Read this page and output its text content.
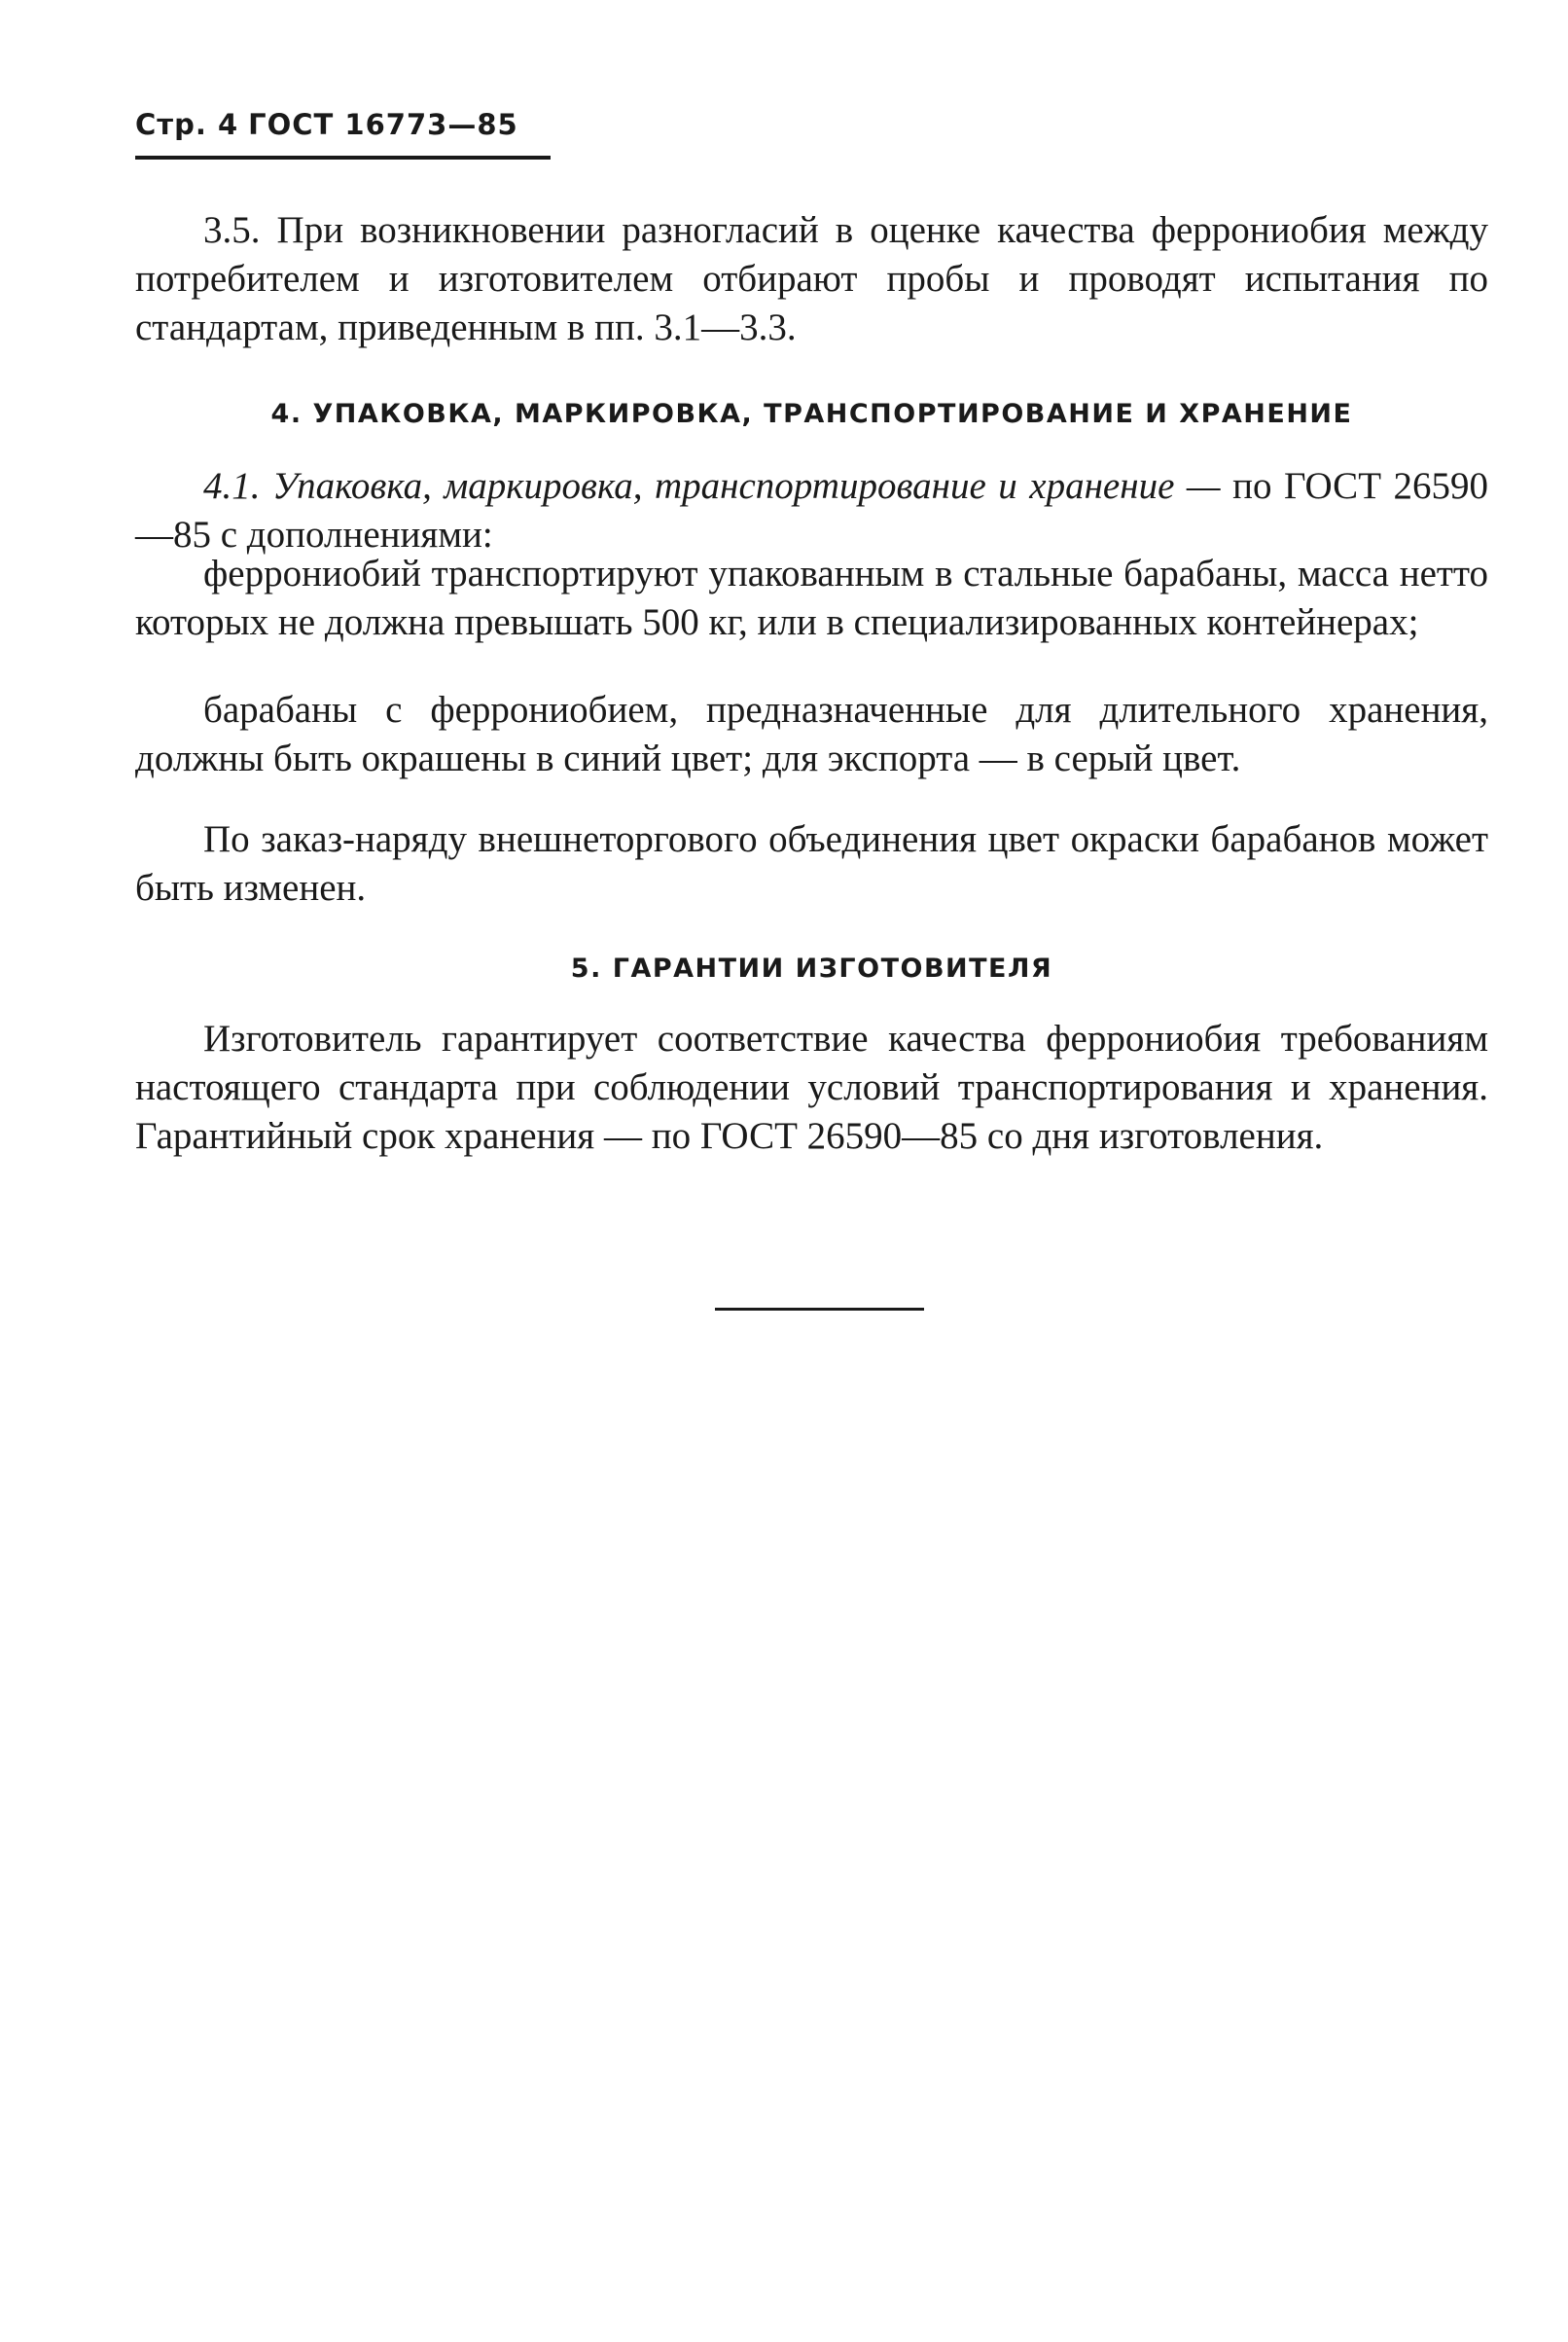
Стр. 4 ГОСТ 16773—85
3.5. При возникновении разногласий в оценке качества феррониобия между потребителем и изготовителем отбирают пробы и проводят испытания по стандартам, приведенным в пп. 3.1—3.3.
4. УПАКОВКА, МАРКИРОВКА, ТРАНСПОРТИРОВАНИЕ И ХРАНЕНИЕ
4.1. Упаковка, маркировка, транспортирование и хранение — по ГОСТ 26590—85 с дополнениями:
феррониобий транспортируют упакованным в стальные барабаны, масса нетто которых не должна превышать 500 кг, или в специализированных контейнерах;
барабаны с феррониобием, предназначенные для длительного хранения, должны быть окрашены в синий цвет; для экспорта — в серый цвет.
По заказ-наряду внешнеторгового объединения цвет окраски барабанов может быть изменен.
5. ГАРАНТИИ ИЗГОТОВИТЕЛЯ
Изготовитель гарантирует соответствие качества феррониобия требованиям настоящего стандарта при соблюдении условий транспортирования и хранения. Гарантийный срок хранения — по ГОСТ 26590—85 со дня изготовления.
